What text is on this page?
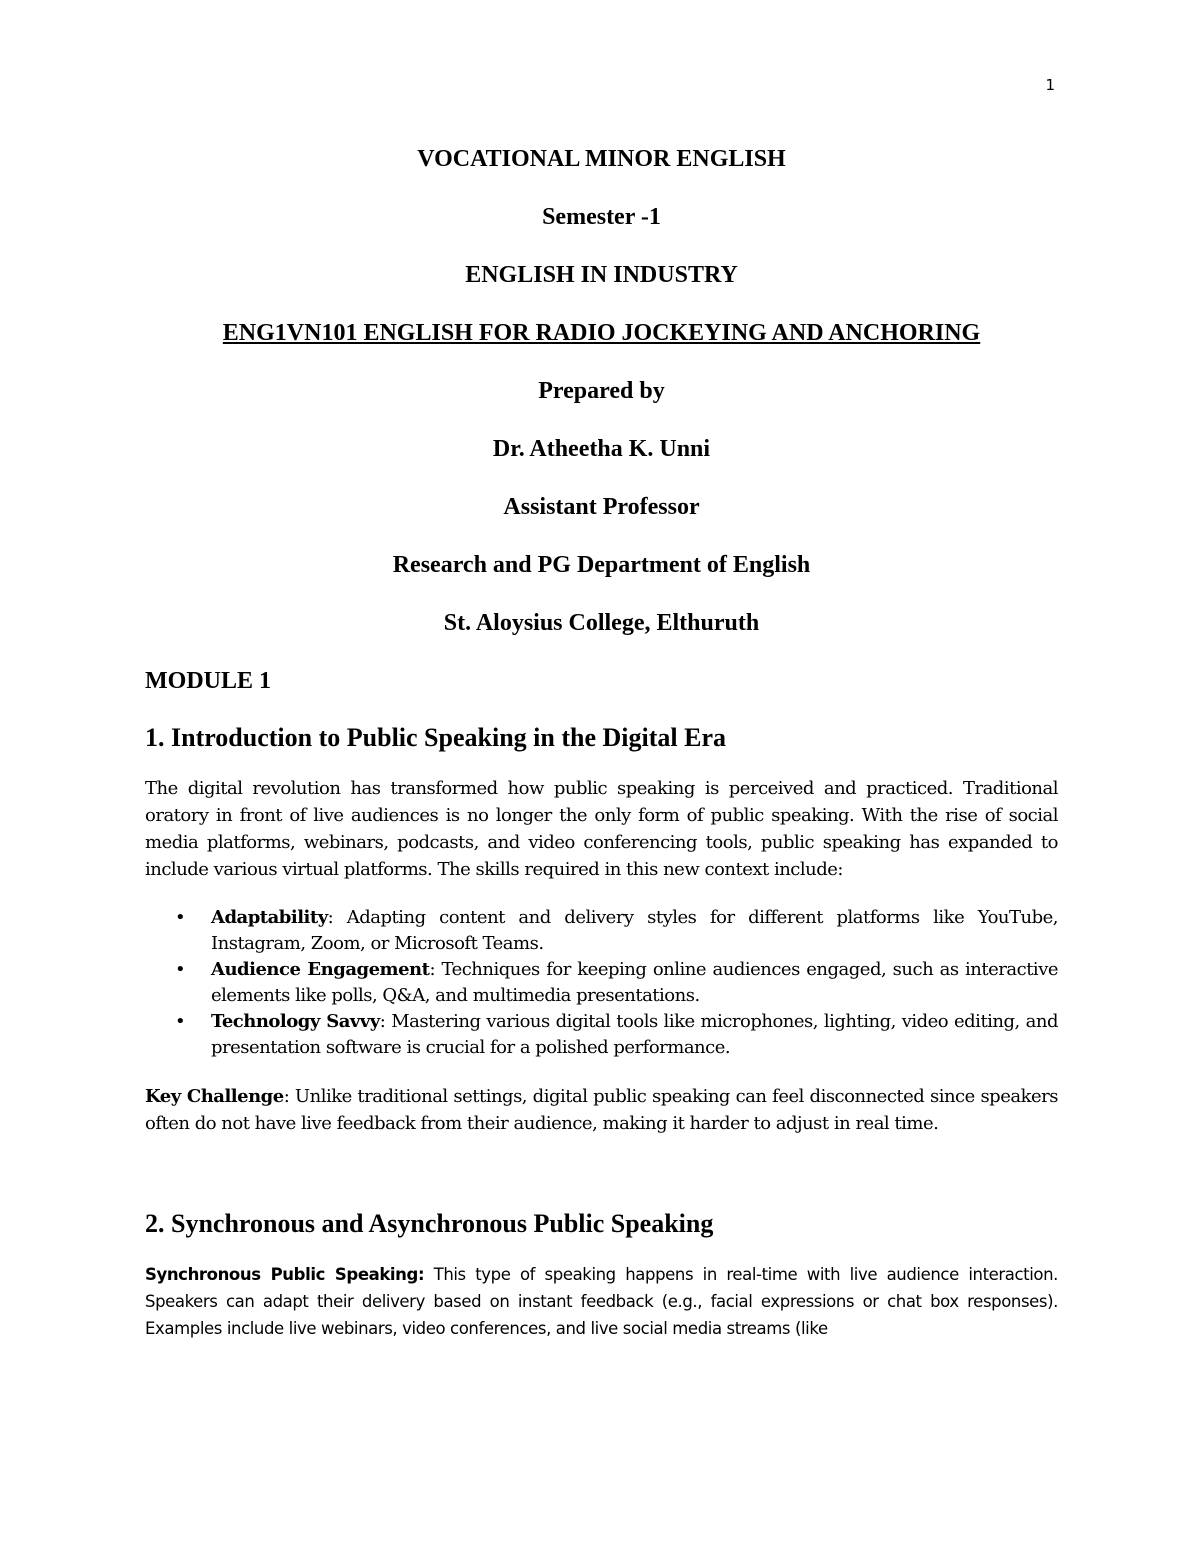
1
VOCATIONAL MINOR ENGLISH
Semester -1
ENGLISH IN INDUSTRY
ENG1VN101 ENGLISH FOR RADIO JOCKEYING AND ANCHORING
Prepared by
Dr. Atheetha K. Unni
Assistant Professor
Research and PG Department of English
St. Aloysius College, Elthuruth
MODULE 1
1. Introduction to Public Speaking in the Digital Era

The digital revolution has transformed how public speaking is perceived and practiced. Traditional oratory in front of live audiences is no longer the only form of public speaking. With the rise of social media platforms, webinars, podcasts, and video conferencing tools, public speaking has expanded to include various virtual platforms. The skills required in this new context include:

• Adaptability: Adapting content and delivery styles for different platforms like YouTube, Instagram, Zoom, or Microsoft Teams.
• Audience Engagement: Techniques for keeping online audiences engaged, such as interactive elements like polls, Q&A, and multimedia presentations.
• Technology Savvy: Mastering various digital tools like microphones, lighting, video editing, and presentation software is crucial for a polished performance.

Key Challenge: Unlike traditional settings, digital public speaking can feel disconnected since speakers often do not have live feedback from their audience, making it harder to adjust in real time.

2. Synchronous and Asynchronous Public Speaking

Synchronous Public Speaking: This type of speaking happens in real-time with live audience interaction. Speakers can adapt their delivery based on instant feedback (e.g., facial expressions or chat box responses). Examples include live webinars, video conferences, and live social media streams (like
